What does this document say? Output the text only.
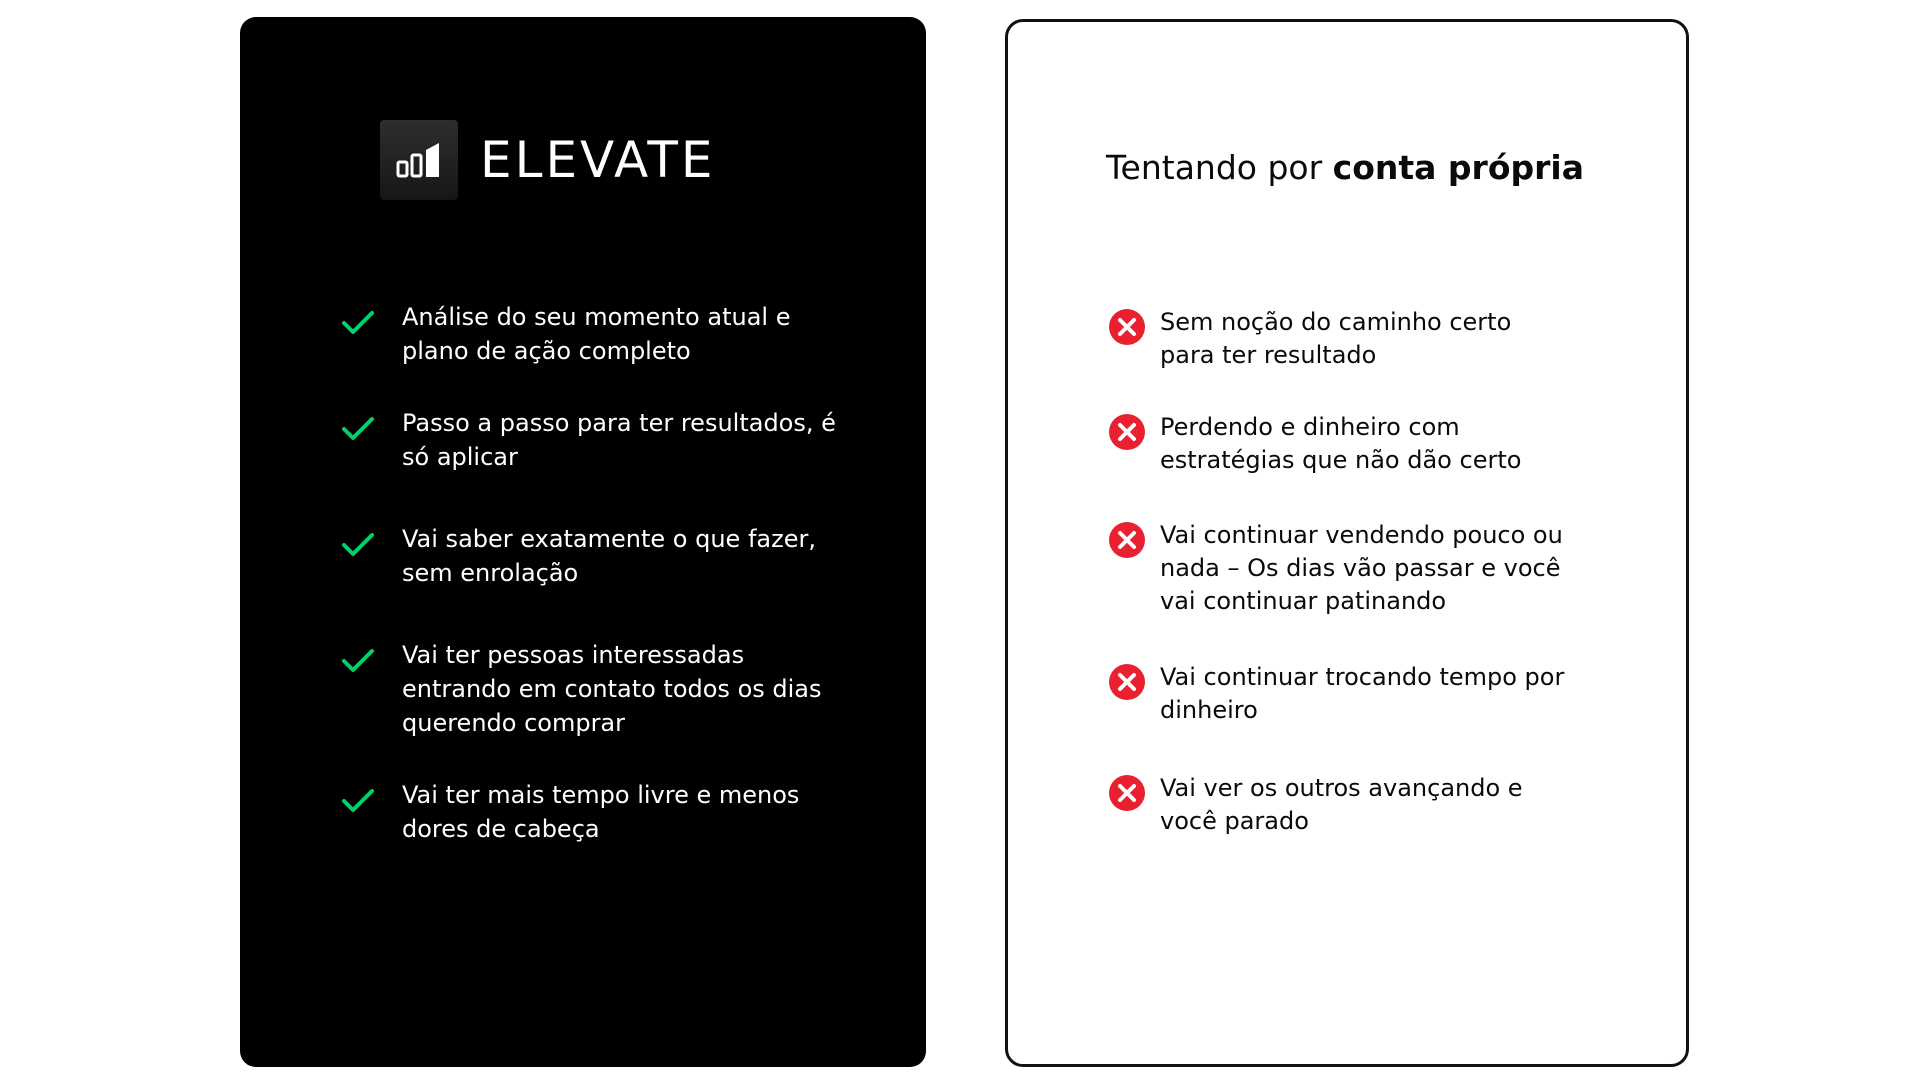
ELEVATE
Análise do seu momento atual e plano de ação completo
Passo a passo para ter resultados, é só aplicar
Vai saber exatamente o que fazer, sem enrolação
Vai ter pessoas interessadas entrando em contato todos os dias querendo comprar
Vai ter mais tempo livre e menos dores de cabeça
Tentando por conta própria
Sem noção do caminho certo para ter resultado
Perdendo e dinheiro com estratégias que não dão certo
Vai continuar vendendo pouco ou nada – Os dias vão passar e você vai continuar patinando
Vai continuar trocando tempo por dinheiro
Vai ver os outros avançando e você parado
